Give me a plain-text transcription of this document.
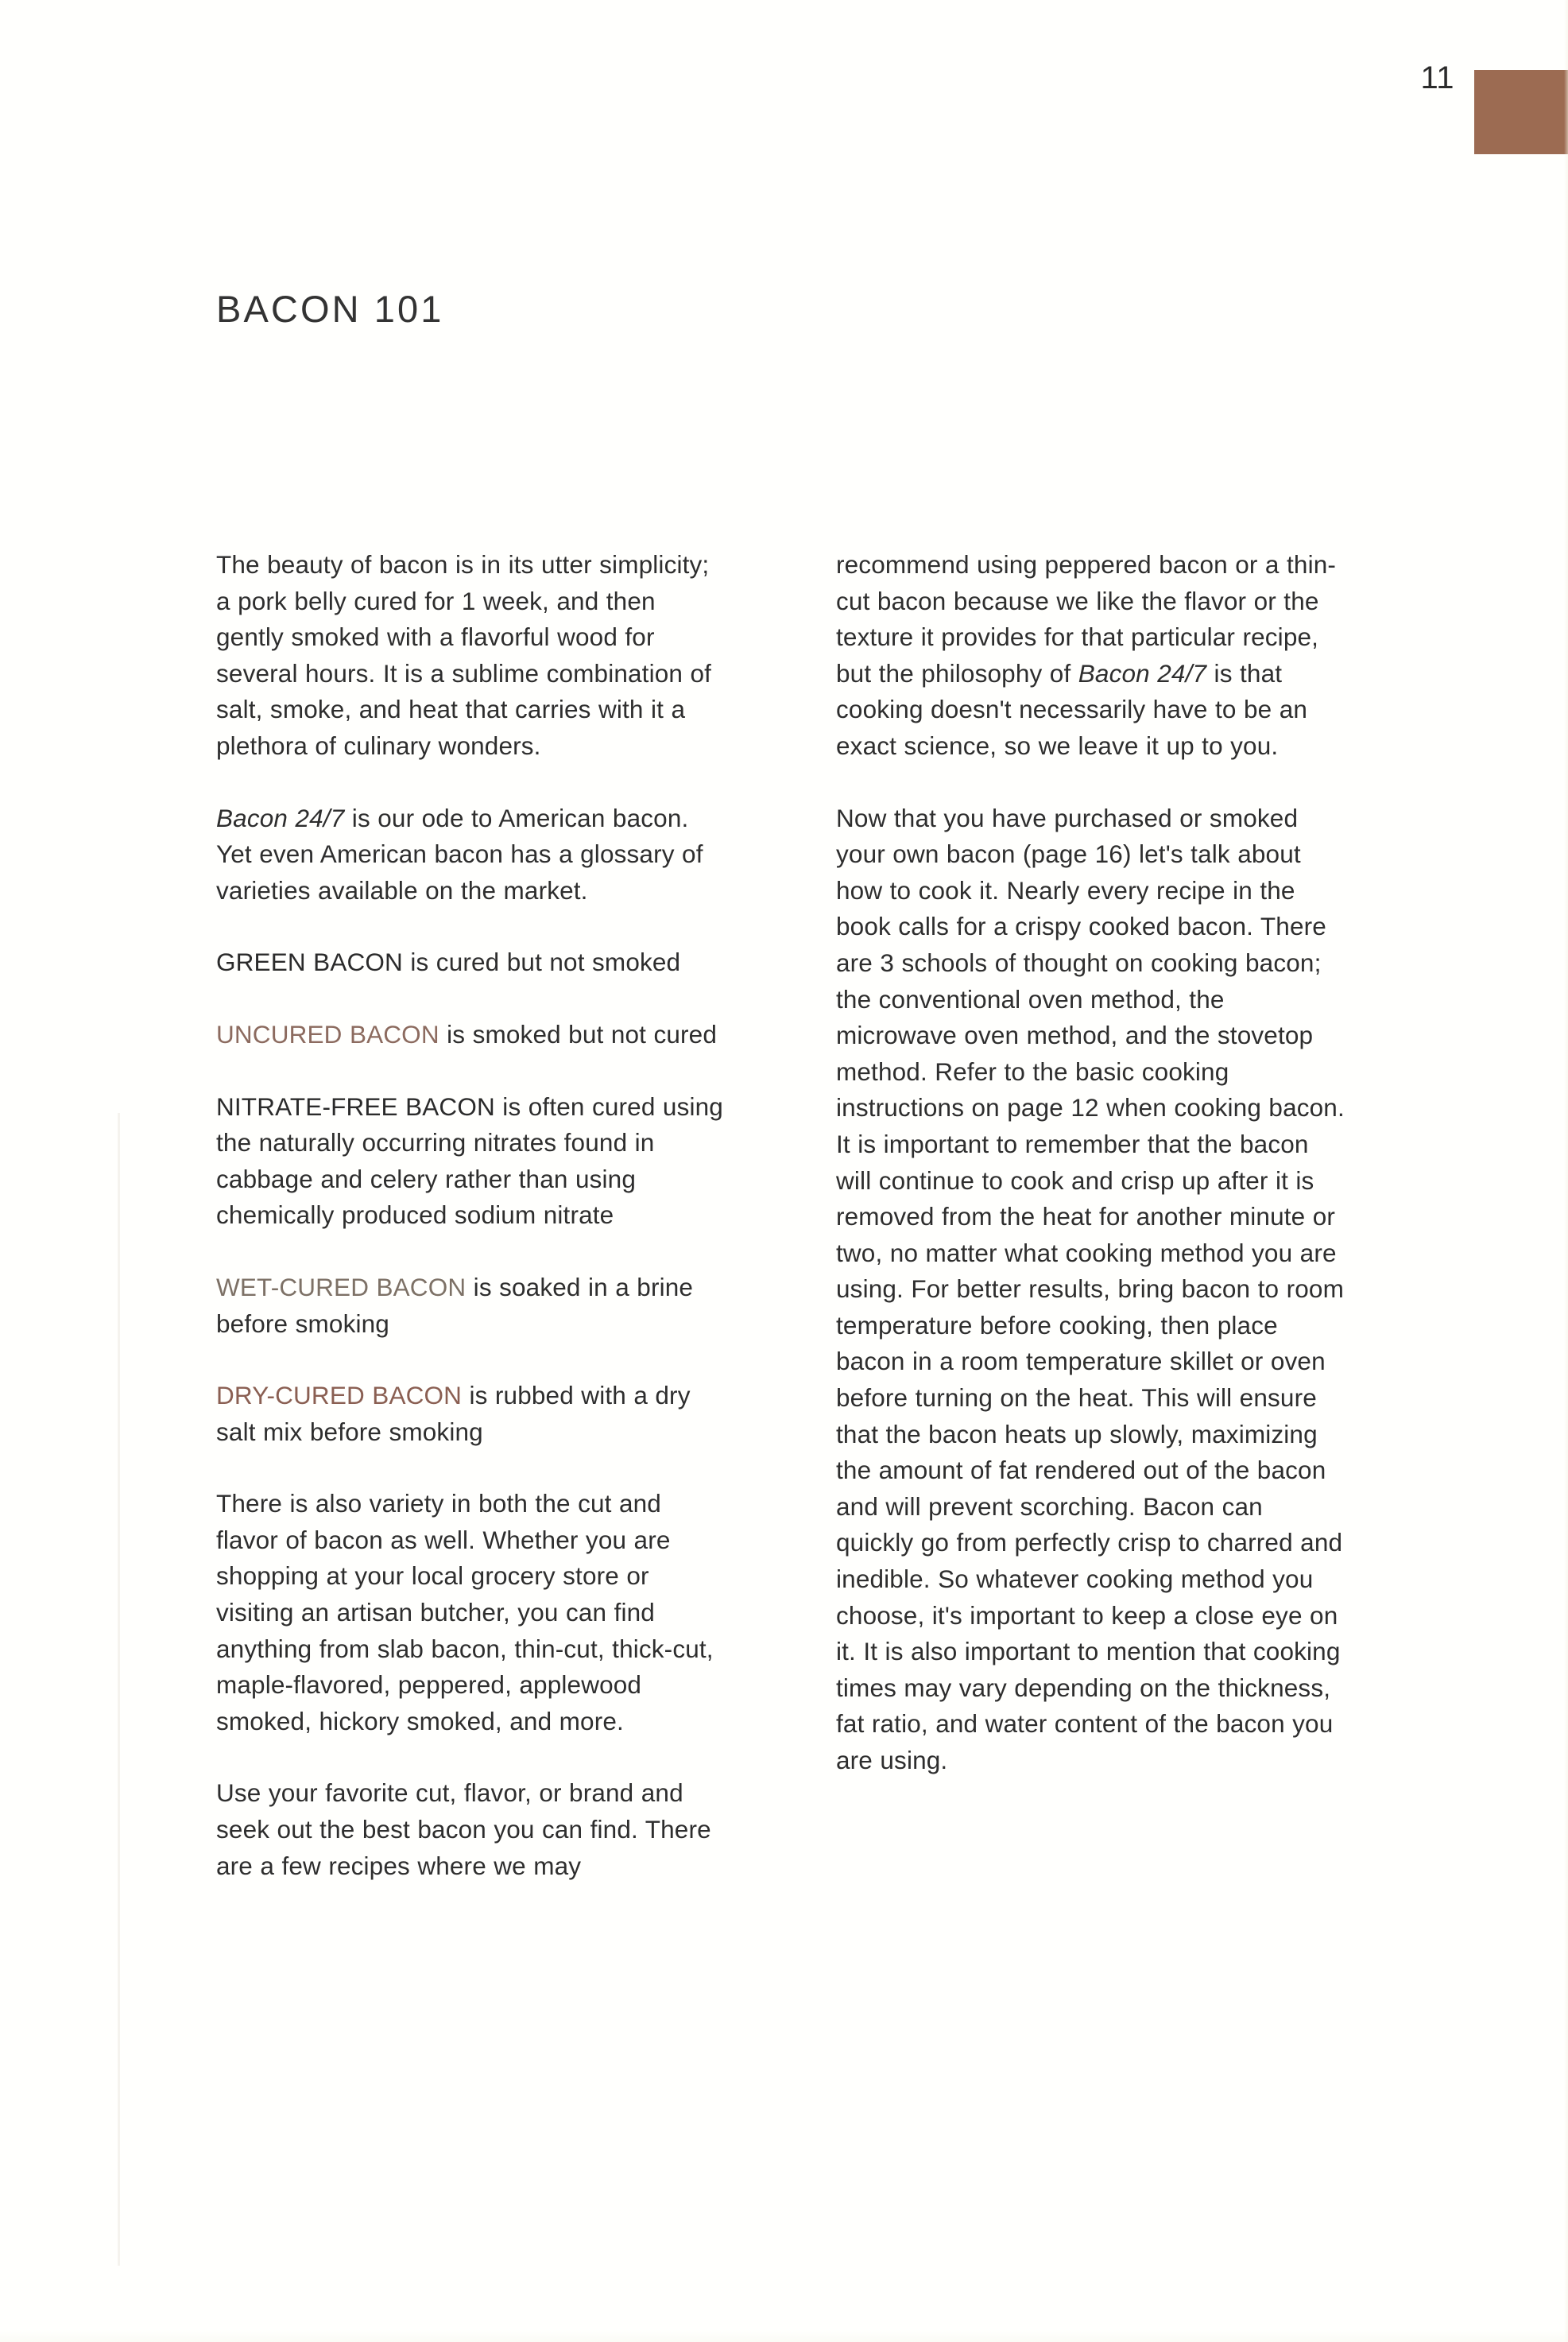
11
BACON 101

The beauty of bacon is in its utter simplicity; a pork belly cured for 1 week, and then gently smoked with a flavorful wood for several hours. It is a sublime combination of salt, smoke, and heat that carries with it a plethora of culinary wonders.

Bacon 24/7 is our ode to American bacon. Yet even American bacon has a glossary of varieties available on the market.

GREEN BACON is cured but not smoked

UNCURED BACON is smoked but not cured

NITRATE-FREE BACON is often cured using the naturally occurring nitrates found in cabbage and celery rather than using chemically produced sodium nitrate

WET-CURED BACON is soaked in a brine before smoking

DRY-CURED BACON is rubbed with a dry salt mix before smoking

There is also variety in both the cut and flavor of bacon as well. Whether you are shopping at your local grocery store or visiting an artisan butcher, you can find anything from slab bacon, thin-cut, thick-cut, maple-flavored, peppered, applewood smoked, hickory smoked, and more.

Use your favorite cut, flavor, or brand and seek out the best bacon you can find. There are a few recipes where we may

recommend using peppered bacon or a thin-cut bacon because we like the flavor or the texture it provides for that particular recipe, but the philosophy of Bacon 24/7 is that cooking doesn't necessarily have to be an exact science, so we leave it up to you.

Now that you have purchased or smoked your own bacon (page 16) let's talk about how to cook it. Nearly every recipe in the book calls for a crispy cooked bacon. There are 3 schools of thought on cooking bacon; the conventional oven method, the microwave oven method, and the stovetop method. Refer to the basic cooking instructions on page 12 when cooking bacon. It is important to remember that the bacon will continue to cook and crisp up after it is removed from the heat for another minute or two, no matter what cooking method you are using. For better results, bring bacon to room temperature before cooking, then place bacon in a room temperature skillet or oven before turning on the heat. This will ensure that the bacon heats up slowly, maximizing the amount of fat rendered out of the bacon and will prevent scorching. Bacon can quickly go from perfectly crisp to charred and inedible. So whatever cooking method you choose, it's important to keep a close eye on it. It is also important to mention that cooking times may vary depending on the thickness, fat ratio, and water content of the bacon you are using.
